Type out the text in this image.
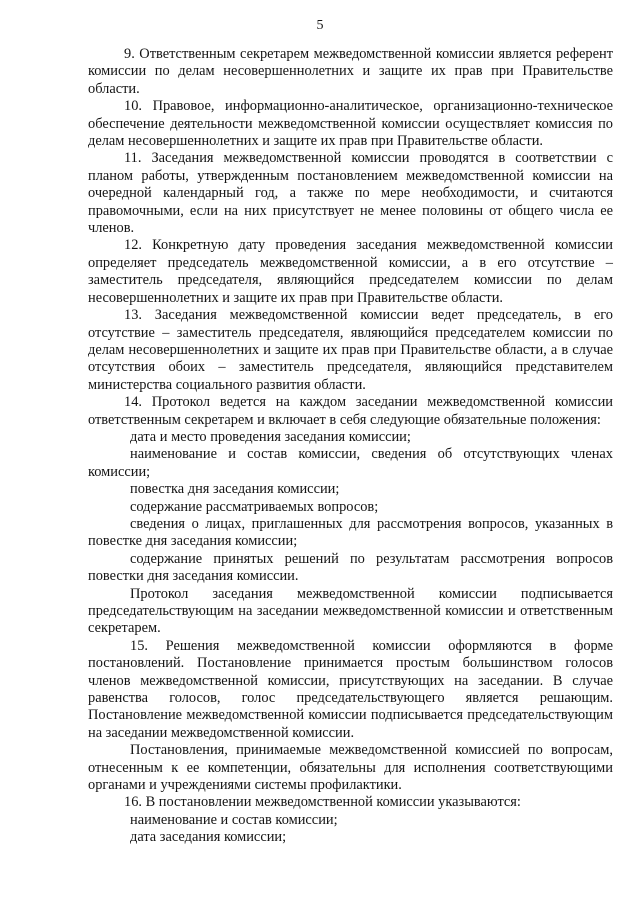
5

9. Ответственным секретарем межведомственной комиссии является референт комиссии по делам несовершеннолетних и защите их прав при Правительстве области.

10. Правовое, информационно-аналитическое, организационно-техническое обеспечение деятельности межведомственной комиссии осуществляет комиссия по делам несовершеннолетних и защите их прав при Правительстве области.

11. Заседания межведомственной комиссии проводятся в соответствии с планом работы, утвержденным постановлением межведомственной комиссии на очередной календарный год, а также по мере необходимости, и считаются правомочными, если на них присутствует не менее половины от общего числа ее членов.

12. Конкретную дату проведения заседания межведомственной комиссии определяет председатель межведомственной комиссии, а в его отсутствие – заместитель председателя, являющийся председателем комиссии по делам несовершеннолетних и защите их прав при Правительстве области.

13. Заседания межведомственной комиссии ведет председатель, в его отсутствие – заместитель председателя, являющийся председателем комиссии по делам несовершеннолетних и защите их прав при Правительстве области, а в случае отсутствия обоих – заместитель председателя, являющийся представителем министерства социального развития области.

14. Протокол ведется на каждом заседании межведомственной комиссии ответственным секретарем и включает в себя следующие обязательные положения:

дата и место проведения заседания комиссии;

наименование и состав комиссии, сведения об отсутствующих членах комиссии;

повестка дня заседания комиссии;

содержание рассматриваемых вопросов;

сведения о лицах, приглашенных для рассмотрения вопросов, указанных в повестке дня заседания комиссии;

содержание принятых решений по результатам рассмотрения вопросов повестки дня заседания комиссии.

Протокол заседания межведомственной комиссии подписывается председательствующим на заседании межведомственной комиссии и ответственным секретарем.

15. Решения межведомственной комиссии оформляются в форме постановлений. Постановление принимается простым большинством голосов членов межведомственной комиссии, присутствующих на заседании. В случае равенства голосов, голос председательствующего является решающим. Постановление межведомственной комиссии подписывается председательствующим на заседании межведомственной комиссии.

Постановления, принимаемые межведомственной комиссией по вопросам, отнесенным к ее компетенции, обязательны для исполнения соответствующими органами и учреждениями системы профилактики.

16. В постановлении межведомственной комиссии указываются:

наименование и состав комиссии;

дата заседания комиссии;
